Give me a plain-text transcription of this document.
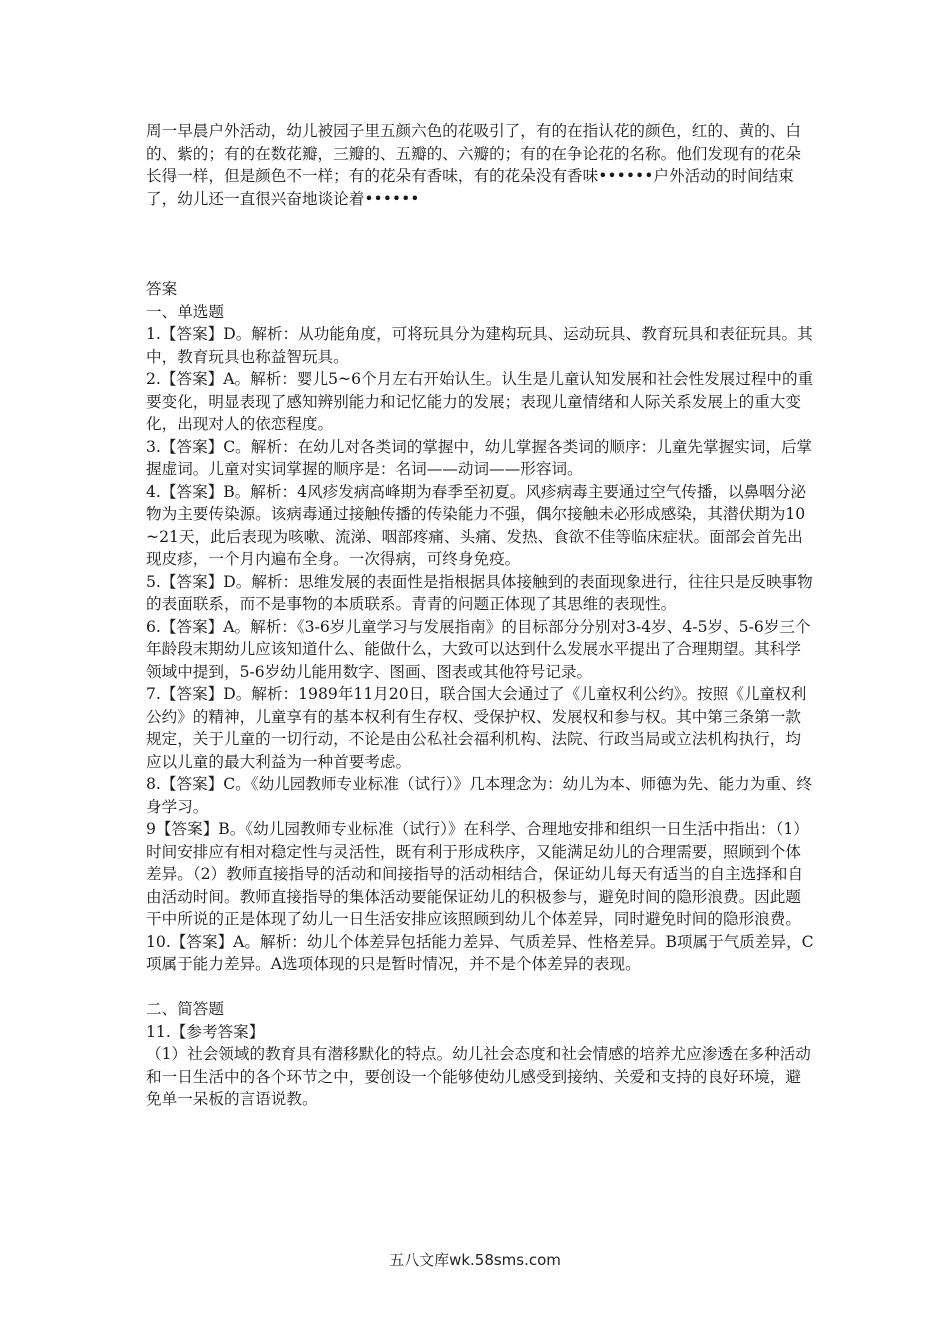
周一早晨户外活动，幼儿被园子里五颜六色的花吸引了，有的在指认花的颜色，红的、黄的、白的、紫的；有的在数花瓣，三瓣的、五瓣的、六瓣的；有的在争论花的名称。他们发现有的花朵长得一样，但是颜色不一样；有的花朵有香味，有的花朵没有香味••••••户外活动的时间结束了，幼儿还一直很兴奋地谈论着••••••

答案

一、单选题

1.【答案】D。解析：从功能角度，可将玩具分为建构玩具、运动玩具、教育玩具和表征玩具。其中，教育玩具也称益智玩具。

2.【答案】A。解析：婴儿5~6个月左右开始认生。认生是儿童认知发展和社会性发展过程中的重要变化，明显表现了感知辨别能力和记忆能力的发展；表现儿童情绪和人际关系发展上的重大变化，出现对人的依恋程度。

3.【答案】C。解析：在幼儿对各类词的掌握中，幼儿掌握各类词的顺序：儿童先掌握实词，后掌握虚词。儿童对实词掌握的顺序是：名词——动词——形容词。

4.【答案】B。解析：4风疹发病高峰期为春季至初夏。风疹病毒主要通过空气传播，以鼻咽分泌物为主要传染源。该病毒通过接触传播的传染能力不强，偶尔接触未必形成感染，其潜伏期为10~21天，此后表现为咳嗽、流涕、咽部疼痛、头痛、发热、食欲不佳等临床症状。面部会首先出现皮疹，一个月内遍布全身。一次得病，可终身免疫。

5.【答案】D。解析：思维发展的表面性是指根据具体接触到的表面现象进行，往往只是反映事物的表面联系，而不是事物的本质联系。青青的问题正体现了其思维的表现性。

6.【答案】A。解析：《3-6岁儿童学习与发展指南》的目标部分分别对3-4岁、4-5岁、5-6岁三个年龄段末期幼儿应该知道什么、能做什么，大致可以达到什么发展水平提出了合理期望。其科学领域中提到，5-6岁幼儿能用数字、图画、图表或其他符号记录。

7.【答案】D。解析：1989年11月20日，联合国大会通过了《儿童权利公约》。按照《儿童权利公约》的精神，儿童享有的基本权利有生存权、受保护权、发展权和参与权。其中第三条第一款规定，关于儿童的一切行动，不论是由公私社会福利机构、法院、行政当局或立法机构执行，均应以儿童的最大利益为一种首要考虑。

8.【答案】C。《幼儿园教师专业标准（试行）》几本理念为：幼儿为本、师德为先、能力为重、终身学习。

9【答案】B。《幼儿园教师专业标准（试行）》在科学、合理地安排和组织一日生活中指出：（1）时间安排应有相对稳定性与灵活性，既有利于形成秩序，又能满足幼儿的合理需要，照顾到个体差异。（2）教师直接指导的活动和间接指导的活动相结合，保证幼儿每天有适当的自主选择和自由活动时间。教师直接指导的集体活动要能保证幼儿的积极参与，避免时间的隐形浪费。因此题干中所说的正是体现了幼儿一日生活安排应该照顾到幼儿个体差异，同时避免时间的隐形浪费。

10.【答案】A。解析：幼儿个体差异包括能力差异、气质差异、性格差异。B项属于气质差异，C项属于能力差异。A选项体现的只是暂时情况，并不是个体差异的表现。

二、简答题

11.【参考答案】

（1）社会领域的教育具有潜移默化的特点。幼儿社会态度和社会情感的培养尤应渗透在多种活动和一日生活中的各个环节之中，要创设一个能够使幼儿感受到接纳、关爱和支持的良好环境，避免单一呆板的言语说教。

五八文库wk.58sms.com
